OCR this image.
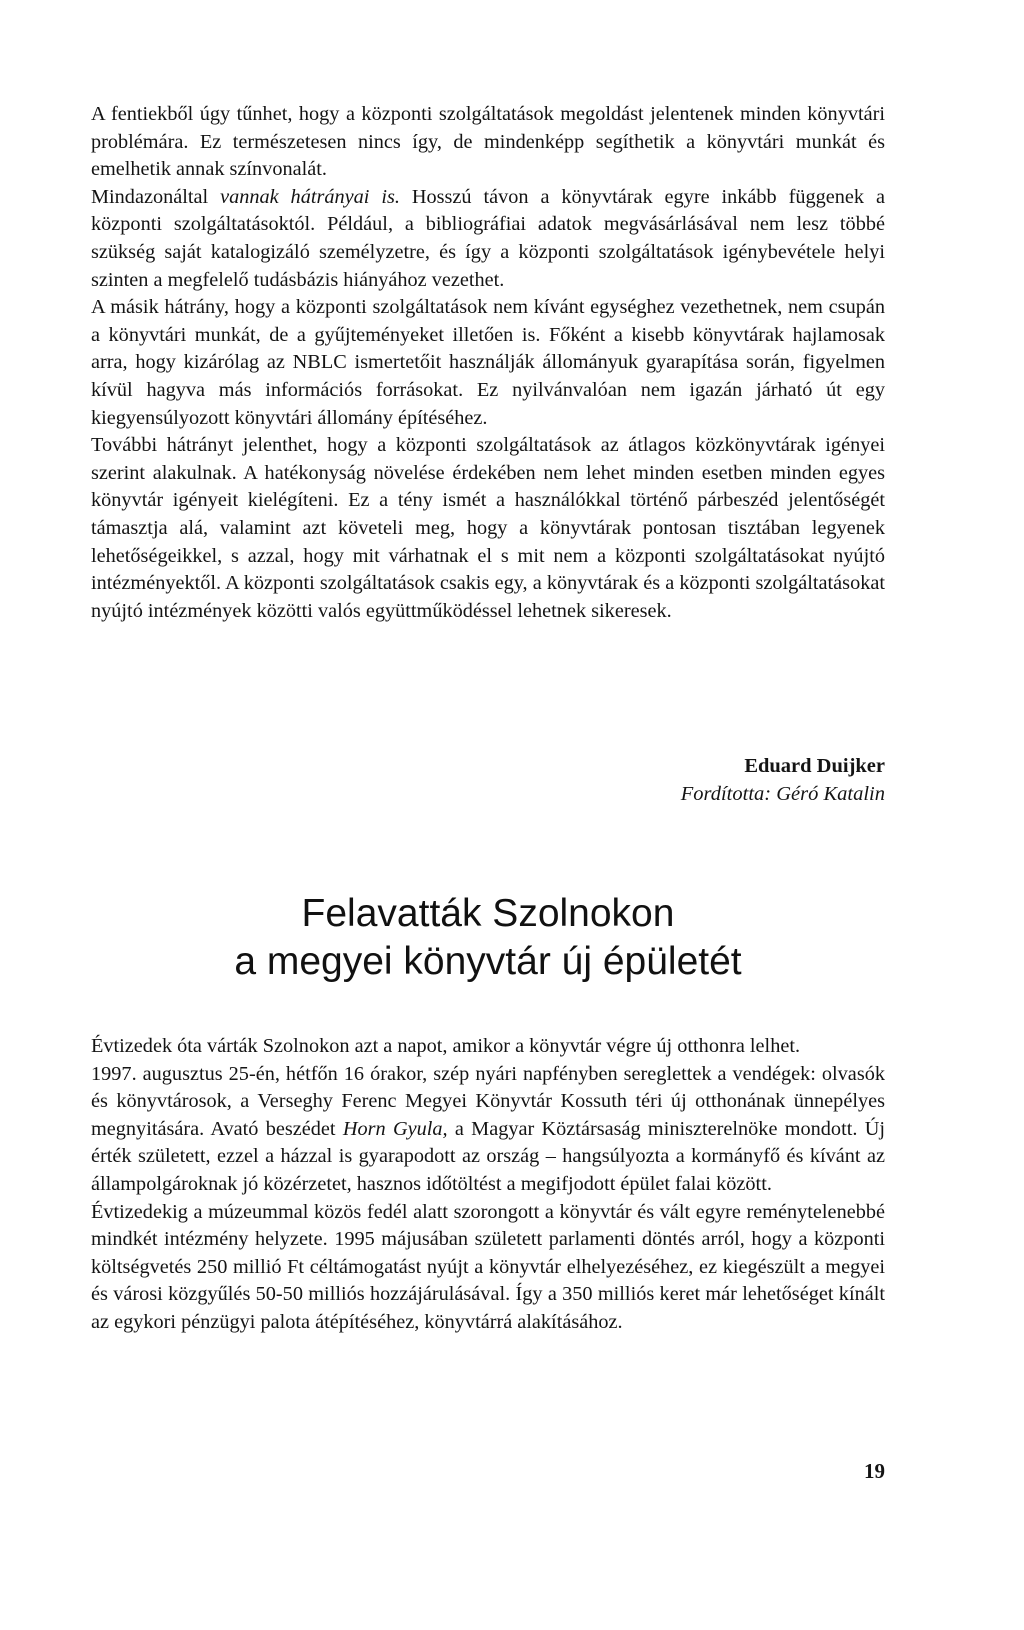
A fentiekből úgy tűnhet, hogy a központi szolgáltatások megoldást jelentenek minden könyvtári problémára. Ez természetesen nincs így, de mindenképp segíthetik a könyvtári munkát és emelhetik annak színvonalát.

Mindazonáltal vannak hátrányai is. Hosszú távon a könyvtárak egyre inkább függenek a központi szolgáltatásoktól. Például, a bibliográfiai adatok megvásárlásával nem lesz többé szükség saját katalogizáló személyzetre, és így a központi szolgáltatások igénybevétele helyi szinten a megfelelő tudásbázis hiányához vezethet.

A másik hátrány, hogy a központi szolgáltatások nem kívánt egységhez vezethetnek, nem csupán a könyvtári munkát, de a gyűjteményeket illetően is. Főként a kisebb könyvtárak hajlamosak arra, hogy kizárólag az NBLC ismertetőit használják állományuk gyarapítása során, figyelmen kívül hagyva más információs forrásokat. Ez nyilvánvalóan nem igazán járható út egy kiegyensúlyozott könyvtári állomány építéséhez.

További hátrányt jelenthet, hogy a központi szolgáltatások az átlagos közkönyvtárak igényei szerint alakulnak. A hatékonyság növelése érdekében nem lehet minden esetben minden egyes könyvtár igényeit kielégíteni. Ez a tény ismét a használókkal történő párbeszéd jelentőségét támasztja alá, valamint azt követeli meg, hogy a könyvtárak pontosan tisztában legyenek lehetőségeikkel, s azzal, hogy mit várhatnak el s mit nem a központi szolgáltatásokat nyújtó intézményektől. A központi szolgáltatások csakis egy, a könyvtárak és a központi szolgáltatásokat nyújtó intézmények közötti valós együttműködéssel lehetnek sikeresek.

Eduard Duijker
Fordította: Géró Katalin
Felavatták Szolnokon
a megyei könyvtár új épületét

Évtizedek óta várták Szolnokon azt a napot, amikor a könyvtár végre új otthonra lelhet.

1997. augusztus 25-én, hétfőn 16 órakor, szép nyári napfényben sereglettek a vendégek: olvasók és könyvtárosok, a Verseghy Ferenc Megyei Könyvtár Kossuth téri új otthonának ünnepélyes megnyitására. Avató beszédet Horn Gyula, a Magyar Köztársaság miniszterelnöke mondott. Új érték született, ezzel a házzal is gyarapodott az ország – hangsúlyozta a kormányfő és kívánt az állampolgároknak jó közérzetet, hasznos időtöltést a megifjodott épület falai között.

Évtizedekig a múzeummal közös fedél alatt szorongott a könyvtár és vált egyre reménytelenebbé mindkét intézmény helyzete. 1995 májusában született parlamenti döntés arról, hogy a központi költségvetés 250 millió Ft céltámogatást nyújt a könyvtár elhelyezéséhez, ez kiegészült a megyei és városi közgyűlés 50-50 milliós hozzájárulásával. Így a 350 milliós keret már lehetőséget kínált az egykori pénzügyi palota átépítéséhez, könyvtárrá alakításához.

19
